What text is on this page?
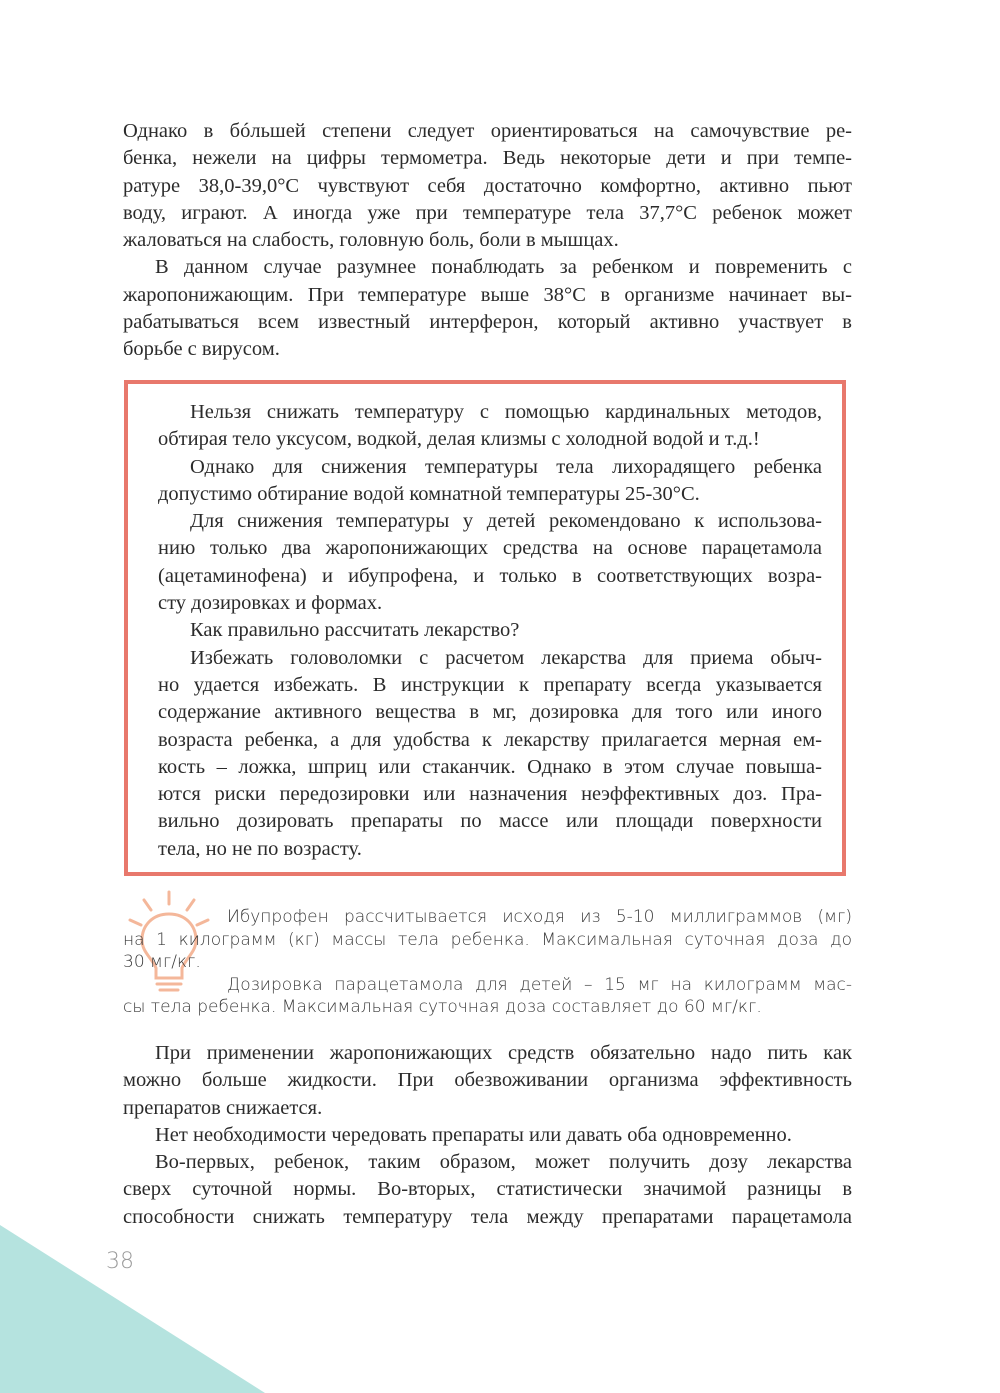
Однако в бóльшей степени следует ориентироваться на самочувствие ре-
бенка, нежели на цифры термометра. Ведь некоторые дети и при темпе-
ратуре 38,0-39,0°С чувствуют себя достаточно комфортно, активно пьют
воду, играют. А иногда уже при температуре тела 37,7°С ребенок может
жаловаться на слабость, головную боль, боли в мышцах.

В данном случае разумнее понаблюдать за ребенком и повременить с
жаропонижающим. При температуре выше 38°С в организме начинает вы-
рабатываться всем известный интерферон, который активно участвует в
борьбе с вирусом.

Нельзя снижать температуру с помощью кардинальных методов,
обтирая тело уксусом, водкой, делая клизмы с холодной водой и т.д.!

Однако для снижения температуры тела лихорадящего ребенка
допустимо обтирание водой комнатной температуры 25-30°С.

Для снижения температуры у детей рекомендовано к использова-
нию только два жаропонижающих средства на основе парацетамола
(ацетаминофена) и ибупрофена, и только в соответствующих возра-
сту дозировках и формах.

Как правильно рассчитать лекарство?

Избежать головоломки с расчетом лекарства для приема обыч-
но удается избежать. В инструкции к препарату всегда указывается
содержание активного вещества в мг, дозировка для того или иного
возраста ребенка, а для удобства к лекарству прилагается мерная ем-
кость – ложка, шприц или стаканчик. Однако в этом случае повыша-
ются риски передозировки или назначения неэффективных доз. Пра-
вильно дозировать препараты по массе или площади поверхности
тела, но не по возрасту.

Ибупрофен рассчитывается исходя из 5-10 миллиграммов (мг)
на 1 килограмм (кг) массы тела ребенка. Максимальная суточная доза до
30 мг/кг.

Дозировка парацетамола для детей – 15 мг на килограмм мас-
сы тела ребенка. Максимальная суточная доза составляет до 60 мг/кг.

При применении жаропонижающих средств обязательно надо пить как
можно больше жидкости. При обезвоживании организма эффективность
препаратов снижается.

Нет необходимости чередовать препараты или давать оба одновременно.

Во-первых, ребенок, таким образом, может получить дозу лекарства
сверх суточной нормы. Во-вторых, статистически значимой разницы в
способности снижать температуру тела между препаратами парацетамола

38
